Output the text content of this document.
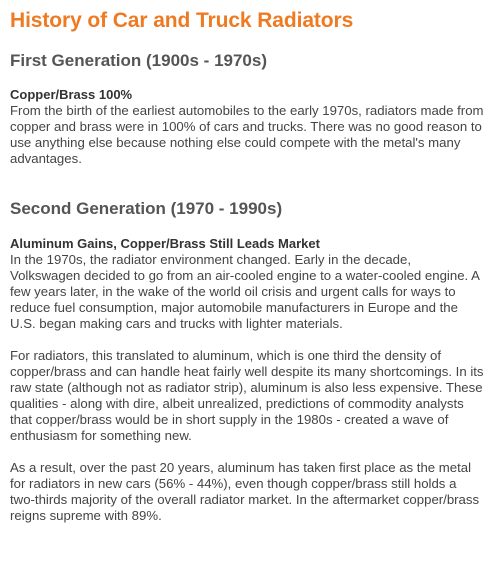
History of Car and Truck Radiators
First Generation (1900s - 1970s)
Copper/Brass 100%

From the birth of the earliest automobiles to the early 1970s, radiators made from copper and brass were in 100% of cars and trucks. There was no good reason to use anything else because nothing else could compete with the metal's many advantages.

Second Generation (1970 - 1990s)
Aluminum Gains, Copper/Brass Still Leads Market

In the 1970s, the radiator environment changed. Early in the decade, Volkswagen decided to go from an air-cooled engine to a water-cooled engine. A few years later, in the wake of the world oil crisis and urgent calls for ways to reduce fuel consumption, major automobile manufacturers in Europe and the U.S. began making cars and trucks with lighter materials.

For radiators, this translated to aluminum, which is one third the density of copper/brass and can handle heat fairly well despite its many shortcomings. In its raw state (although not as radiator strip), aluminum is also less expensive. These qualities - along with dire, albeit unrealized, predictions of commodity analysts that copper/brass would be in short supply in the 1980s - created a wave of enthusiasm for something new.

As a result, over the past 20 years, aluminum has taken first place as the metal for radiators in new cars (56% - 44%), even though copper/brass still holds a two-thirds majority of the overall radiator market. In the aftermarket copper/brass reigns supreme with 89%.
